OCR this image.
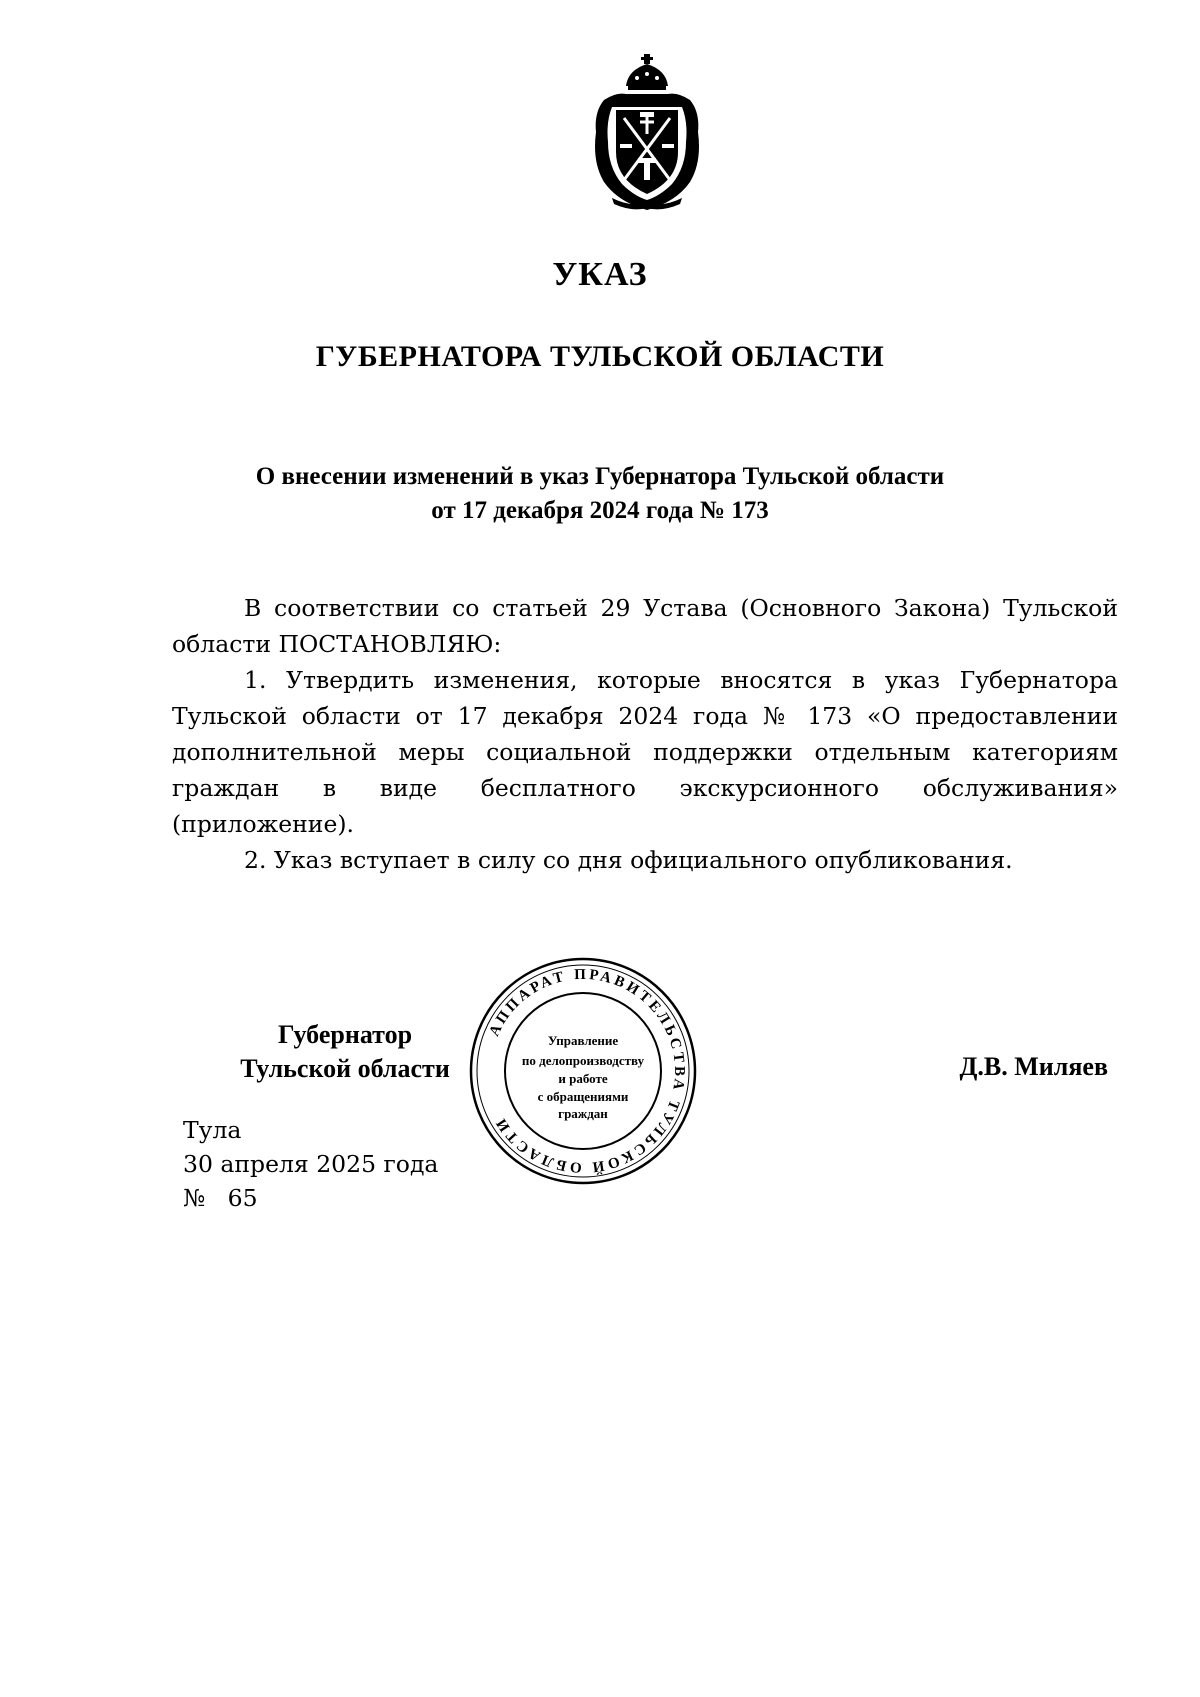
УКАЗ
ГУБЕРНАТОРА ТУЛЬСКОЙ ОБЛАСТИ
О внесении изменений в указ Губернатора Тульской области
от 17 декабря 2024 года № 173

В соответствии со статьей 29 Устава (Основного Закона) Тульской области ПОСТАНОВЛЯЮ:

1. Утвердить изменения, которые вносятся в указ Губернатора Тульской области от 17 декабря 2024 года № 173 «О предоставлении дополнительной меры социальной поддержки отдельным категориям граждан в виде бесплатного экскурсионного обслуживания» (приложение).

2. Указ вступает в силу со дня официального опубликования.

Губернатор
Тульской области	Д.В. Миляев
АППАРАТ ПРАВИТЕЛЬСТВА ТУЛЬСКОЙ ОБЛАСТИ
Управление
по делопроизводству
и работе
с обращениями
граждан
Тула
30 апреля 2025 года
№ 65
